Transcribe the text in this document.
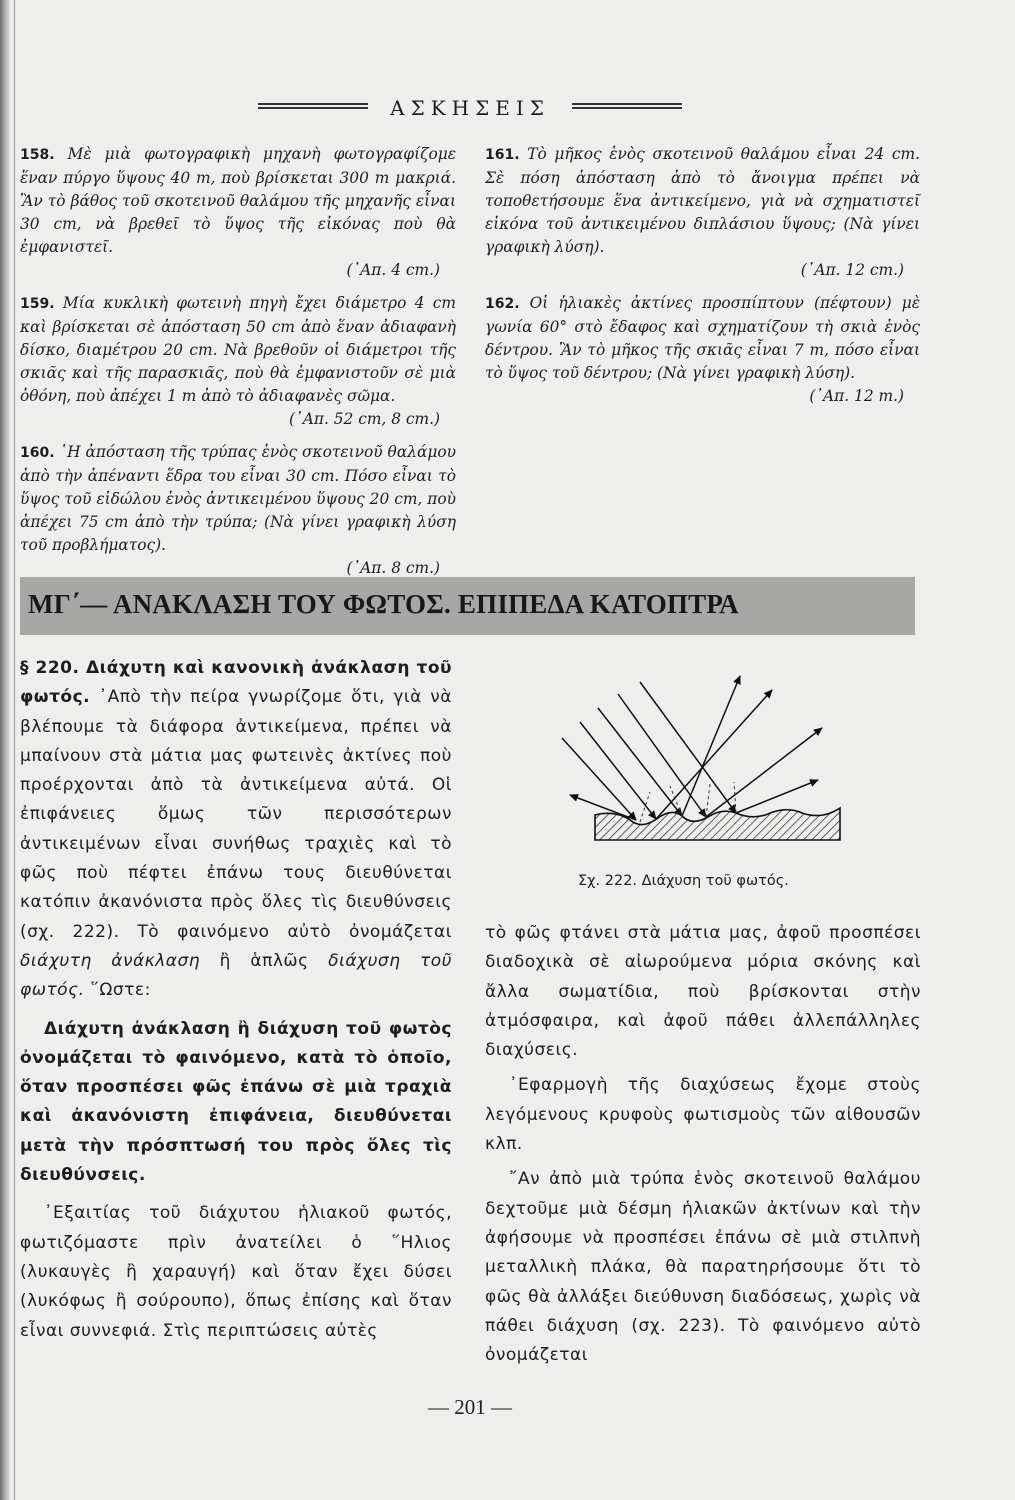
ΑΣΚΗΣΕΙΣ

158. Μὲ μιὰ φωτογραφικὴ μηχανὴ φωτογραφίζομε ἕναν πύργο ὕψους 40 m, ποὺ βρίσκεται 300 m μακριά. Ἂν τὸ βάθος τοῦ σκοτεινοῦ θαλάμου τῆς μηχανῆς εἶναι 30 cm, νὰ βρεθεῖ τὸ ὕψος τῆς εἰκόνας ποὺ θὰ ἐμφανιστεῖ.
(᾿Απ. 4 cm.)

159. Μία κυκλικὴ φωτεινὴ πηγὴ ἔχει διάμετρο 4 cm καὶ βρίσκεται σὲ ἀπόσταση 50 cm ἀπὸ ἕναν ἀδιαφανὴ δίσκο, διαμέτρου 20 cm. Νὰ βρεθοῦν οἱ διάμετροι τῆς σκιᾶς καὶ τῆς παρασκιᾶς, ποὺ θὰ ἐμφανιστοῦν σὲ μιὰ ὀθόνη, ποὺ ἀπέχει 1 m ἀπὸ τὸ ἀδιαφανὲς σῶμα.
(᾿Απ. 52 cm, 8 cm.)

160. ῾Η ἀπόσταση τῆς τρύπας ἑνὸς σκοτεινοῦ θαλάμου ἀπὸ τὴν ἀπέναντι ἕδρα του εἶναι 30 cm. Πόσο εἶναι τὸ ὕψος τοῦ εἰδώλου ἑνὸς ἀντικειμένου ὕψους 20 cm, ποὺ ἀπέχει 75 cm ἀπὸ τὴν τρύπα; (Νὰ γίνει γραφικὴ λύση τοῦ προβλήματος).
(᾿Απ. 8 cm.)

161. Τὸ μῆκος ἑνὸς σκοτεινοῦ θαλάμου εἶναι 24 cm. Σὲ πόση ἀπόσταση ἀπὸ τὸ ἄνοιγμα πρέπει νὰ τοποθετήσουμε ἕνα ἀντικείμενο, γιὰ νὰ σχηματιστεῖ εἰκόνα τοῦ ἀντικειμένου διπλάσιου ὕψους; (Νὰ γίνει γραφικὴ λύση).
(᾿Απ. 12 cm.)

162. Οἱ ἡλιακὲς ἀκτίνες προσπίπτουν (πέφτουν) μὲ γωνία 60° στὸ ἔδαφος καὶ σχηματίζουν τὴ σκιὰ ἑνὸς δέντρου. Ἂν τὸ μῆκος τῆς σκιᾶς εἶναι 7 m, πόσο εἶναι τὸ ὕψος τοῦ δέντρου; (Νὰ γίνει γραφικὴ λύση).
(᾿Απ. 12 m.)

ΜΓ΄— ΑΝΑΚΛΑΣΗ ΤΟΥ ΦΩΤΟΣ. ΕΠΙΠΕΔΑ ΚΑΤΟΠΤΡΑ

§ 220. Διάχυτη καὶ κανονικὴ ἀνάκλαση τοῦ φωτός. ᾿Απὸ τὴν πείρα γνωρίζομε ὅτι, γιὰ νὰ βλέπουμε τὰ διάφορα ἀντικείμενα, πρέπει νὰ μπαίνουν στὰ μάτια μας φωτεινὲς ἀκτίνες ποὺ προέρχονται ἀπὸ τὰ ἀντικείμενα αὐτά. Οἱ ἐπιφάνειες ὅμως τῶν περισσότερων ἀντικειμένων εἶναι συνήθως τραχιὲς καὶ τὸ φῶς ποὺ πέφτει ἐπάνω τους διευθύνεται κατόπιν ἀκανόνιστα πρὸς ὅλες τὶς διευθύνσεις (σχ. 222). Τὸ φαινόμενο αὐτὸ ὀνομάζεται διάχυτη ἀνάκλαση ἢ ἁπλῶς διάχυση τοῦ φωτός. ῞Ωστε:

Διάχυτη ἀνάκλαση ἢ διάχυση τοῦ φωτὸς ὀνομάζεται τὸ φαινόμενο, κατὰ τὸ ὁποῖο, ὅταν προσπέσει φῶς ἐπάνω σὲ μιὰ τραχιὰ καὶ ἀκανόνιστη ἐπιφάνεια, διευθύνεται μετὰ τὴν πρόσπτωσή του πρὸς ὅλες τὶς διευθύνσεις.

᾿Εξαιτίας τοῦ διάχυτου ἡλιακοῦ φωτός, φωτιζόμαστε πρὶν ἀνατείλει ὁ ῞Ηλιος (λυκαυγὲς ἢ χαραυγή) καὶ ὅταν ἔχει δύσει (λυκόφως ἢ σούρουπο), ὅπως ἐπίσης καὶ ὅταν εἶναι συννεφιά. Στὶς περιπτώσεις αὐτὲς

Σχ. 222. Διάχυση τοῦ φωτός.

τὸ φῶς φτάνει στὰ μάτια μας, ἀφοῦ προσπέσει διαδοχικὰ σὲ αἰωρούμενα μόρια σκόνης καὶ ἄλλα σωματίδια, ποὺ βρίσκονται στὴν ἀτμόσφαιρα, καὶ ἀφοῦ πάθει ἀλλεπάλληλες διαχύσεις.

᾿Εφαρμογὴ τῆς διαχύσεως ἔχομε στοὺς λεγόμενους κρυφοὺς φωτισμοὺς τῶν αἰθουσῶν κλπ.

῎Αν ἀπὸ μιὰ τρύπα ἑνὸς σκοτεινοῦ θαλάμου δεχτοῦμε μιὰ δέσμη ἡλιακῶν ἀκτίνων καὶ τὴν ἀφήσουμε νὰ προσπέσει ἐπάνω σὲ μιὰ στιλπνὴ μεταλλικὴ πλάκα, θὰ παρατηρήσουμε ὅτι τὸ φῶς θὰ ἀλλάξει διεύθυνση διαδόσεως, χωρὶς νὰ πάθει διάχυση (σχ. 223). Τὸ φαινόμενο αὐτὸ ὀνομάζεται

— 201 —
